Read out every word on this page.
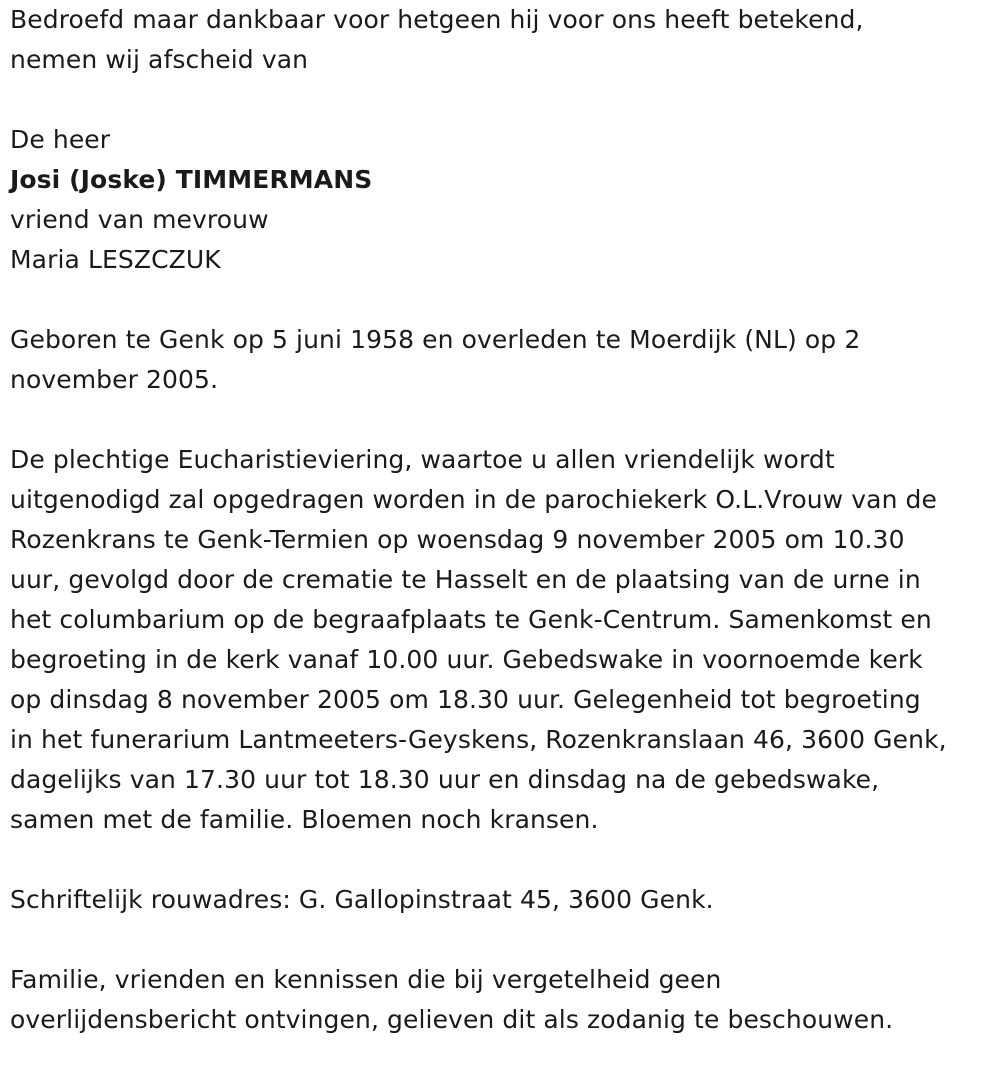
Bedroefd maar dankbaar voor hetgeen hij voor ons heeft betekend,
nemen wij afscheid van
De heer
Josi (Joske) TIMMERMANS
vriend van mevrouw
Maria LESZCZUK
Geboren te Genk op 5 juni 1958 en overleden te Moerdijk (NL) op 2
november 2005.
De plechtige Eucharistieviering, waartoe u allen vriendelijk wordt
uitgenodigd zal opgedragen worden in de parochiekerk O.L.Vrouw van de
Rozenkrans te Genk-Termien op woensdag 9 november 2005 om 10.30
uur, gevolgd door de crematie te Hasselt en de plaatsing van de urne in
het columbarium op de begraafplaats te Genk-Centrum. Samenkomst en
begroeting in de kerk vanaf 10.00 uur. Gebedswake in voornoemde kerk
op dinsdag 8 november 2005 om 18.30 uur. Gelegenheid tot begroeting
in het funerarium Lantmeeters-Geyskens, Rozenkranslaan 46, 3600 Genk,
dagelijks van 17.30 uur tot 18.30 uur en dinsdag na de gebedswake,
samen met de familie. Bloemen noch kransen.
Schriftelijk rouwadres: G. Gallopinstraat 45, 3600 Genk.
Familie, vrienden en kennissen die bij vergetelheid geen
overlijdensbericht ontvingen, gelieven dit als zodanig te beschouwen.
